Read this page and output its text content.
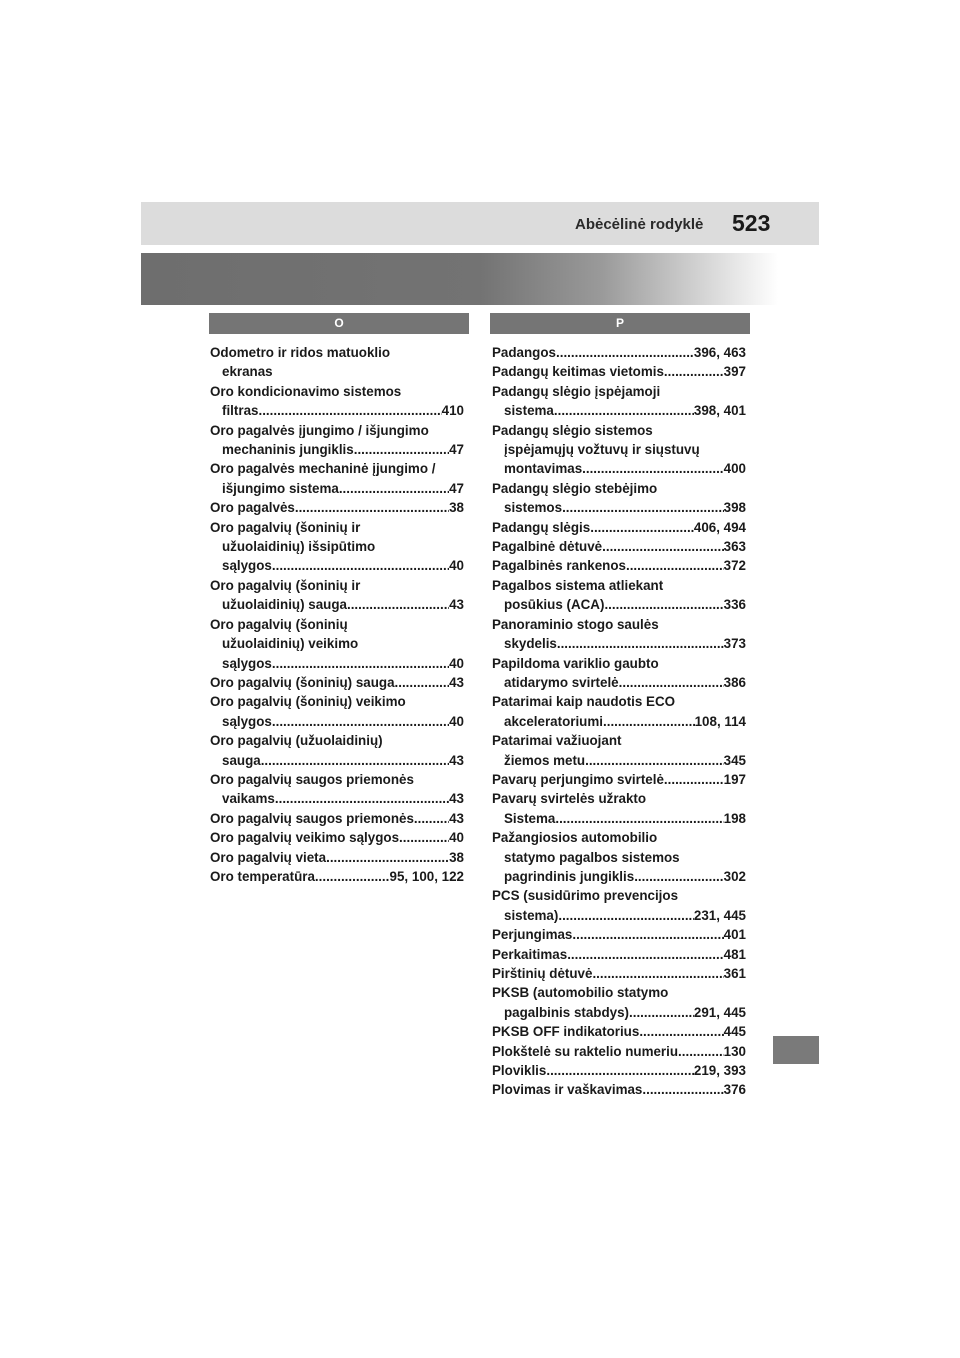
Abėcėlinė rodyklė 523
O	P
Odometro ir ridos matuoklio
ekranas
Oro kondicionavimo sistemos
filtras .....	410
Oro pagalvės įjungimo / išjungimo
mechaninis jungiklis .....	47
Oro pagalvės mechaninė įjungimo /
išjungimo sistema .....	47
Oro pagalvės .....	38
Oro pagalvių (šoninių ir
užuolaidinių) išsipūtimo
sąlygos .....	40
Oro pagalvių (šoninių ir
užuolaidinių) sauga .....	43
Oro pagalvių (šoninių
užuolaidinių) veikimo
sąlygos .....	40
Oro pagalvių (šoninių) sauga .....	43
Oro pagalvių (šoninių) veikimo
sąlygos .....	40
Oro pagalvių (užuolaidinių)
sauga .....	43
Oro pagalvių saugos priemonės
vaikams .....	43
Oro pagalvių saugos priemonės .....	43
Oro pagalvių veikimo sąlygos .....	40
Oro pagalvių vieta .....	38
Oro temperatūra .....	95, 100, 122
Padangos .....	396, 463
Padangų keitimas vietomis .....	397
Padangų slėgio įspėjamoji
sistema .....	398, 401
Padangų slėgio sistemos
įspėjamųjų vožtuvų ir siųstuvų
montavimas .....	400
Padangų slėgio stebėjimo
sistemos .....	398
Padangų slėgis .....	406, 494
Pagalbinė dėtuvė .....	363
Pagalbinės rankenos .....	372
Pagalbos sistema atliekant
posūkius (ACA) .....	336
Panoraminio stogo saulės
skydelis .....	373
Papildoma variklio gaubto
atidarymo svirtelė .....	386
Patarimai kaip naudotis ECO
akceleratoriumi .....	108, 114
Patarimai važiuojant
žiemos metu .....	345
Pavarų perjungimo svirtelė .....	197
Pavarų svirtelės užrakto
Sistema .....	198
Pažangiosios automobilio
statymo pagalbos sistemos
pagrindinis jungiklis .....	302
PCS (susidūrimo prevencijos
sistema) .....	231, 445
Perjungimas .....	401
Perkaitimas .....	481
Pirštinių dėtuvė .....	361
PKSB (automobilio statymo
pagalbinis stabdys) .....	291, 445
PKSB OFF indikatorius .....	445
Plokštelė su raktelio numeriu .....	130
Ploviklis .....	219, 393
Plovimas ir vaškavimas .....	376
